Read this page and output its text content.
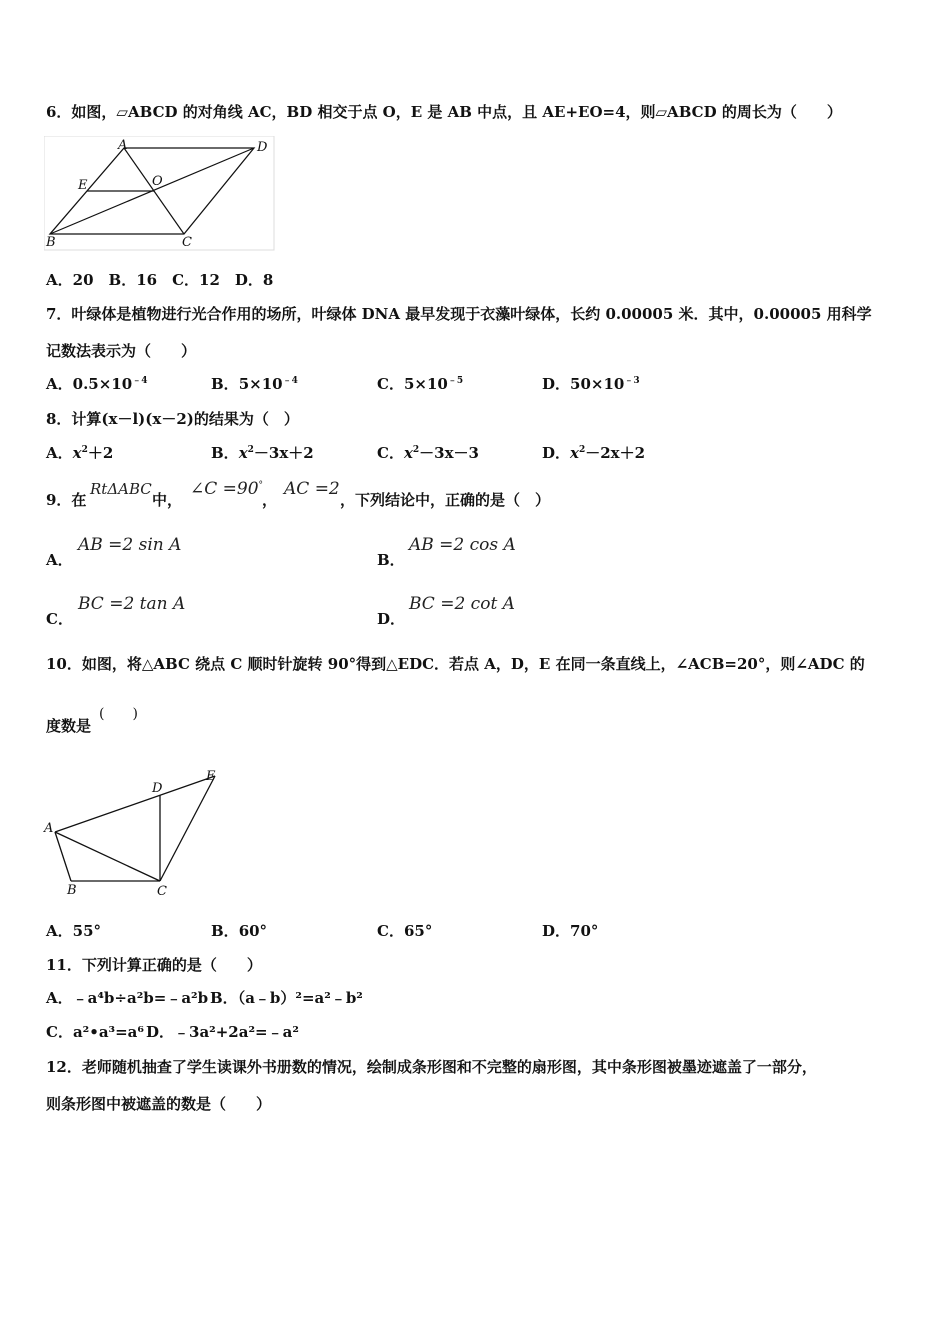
6．如图，▱ABCD 的对角线 AC，BD 相交于点 O，E 是 AB 中点，且 AE+EO=4，则▱ABCD 的周长为（　　）
A	D
E	O
B	C
A．20　B．16　C．12　D．8
7．叶绿体是植物进行光合作用的场所，叶绿体 DNA 最早发现于衣藻叶绿体，长约 0.00005 米．其中，0.00005 用科学
记数法表示为（　　）
A．$0.5\times 10^{﹣4}$	B．$5\times 10^{﹣4}$	C．$5\times 10^{﹣5}$	D．$50\times 10^{﹣3}$
8．计算(x－l)(x－2)的结果为（　）
A．$x^2+2$	B．$x^2-3x+2$	C．$x^2-3x-3$	D．$x^2-2x+2$
9．在
RtΔABC
中，
∠C =90°
，
AC =2
，下列结论中，正确的是（　）
A．
AB =2 sin A
B．
AB =2 cos A
C．
BC =2 tan A
D．
BC =2 cot A
10．如图，将△ABC 绕点 C 顺时针旋转 90°得到△EDC．若点 A，D，E 在同一条直线上，∠ACB=20°，则∠ADC 的
度数是
(　　)
D
E
A
B	C
A．55°	B．60°	C．65°	D．70°
11．下列计算正确的是（　　）
A．﹣a⁴b÷a²b=﹣a²b B．（a﹣b）²=a²﹣b²
C．a²•a³=a⁶ D．﹣3a²+2a²=﹣a²
12．老师随机抽查了学生读课外书册数的情况，绘制成条形图和不完整的扇形图，其中条形图被墨迹遮盖了一部分，
则条形图中被遮盖的数是（　　）
